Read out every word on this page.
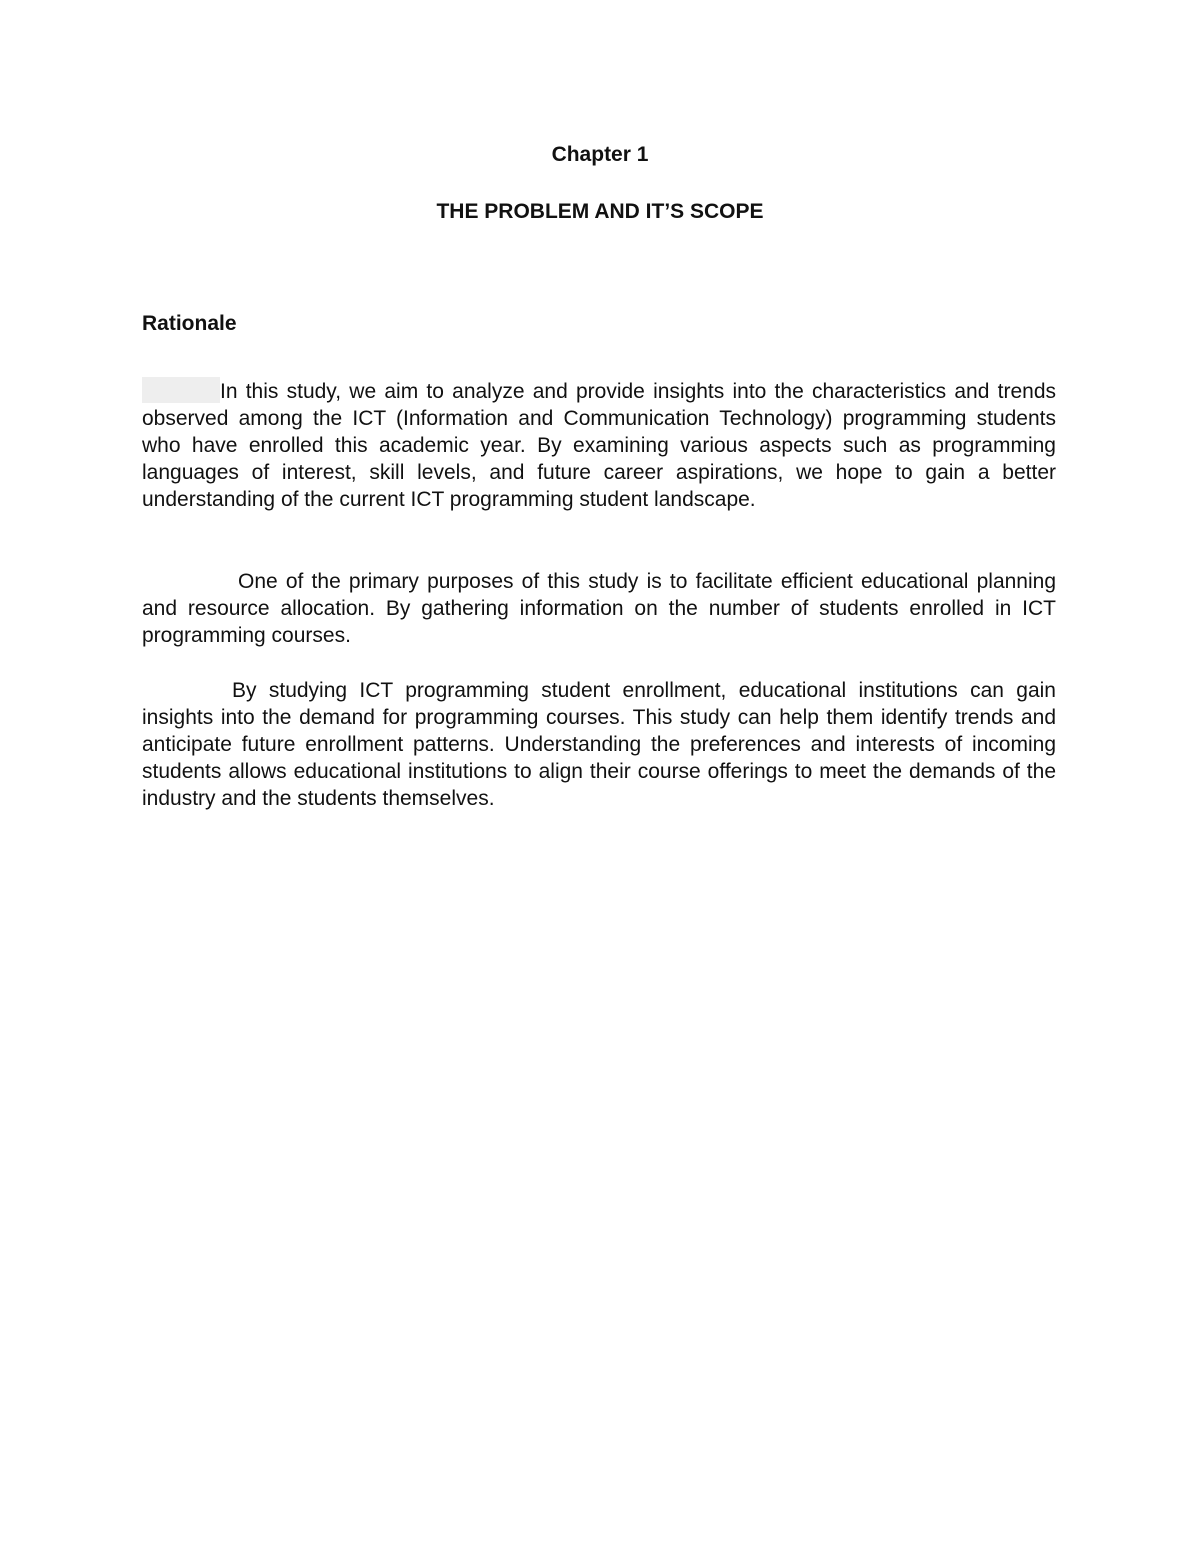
Chapter 1
THE PROBLEM AND IT’S SCOPE
Rationale

In this study, we aim to analyze and provide insights into the characteristics and trends observed among the ICT (Information and Communication Technology) programming students who have enrolled this academic year. By examining various aspects such as programming languages of interest, skill levels, and future career aspirations, we hope to gain a better understanding of the current ICT programming student landscape.

One of the primary purposes of this study is to facilitate efficient educational planning and resource allocation. By gathering information on the number of students enrolled in ICT programming courses.

By studying ICT programming student enrollment, educational institutions can gain insights into the demand for programming courses. This study can help them identify trends and anticipate future enrollment patterns. Understanding the preferences and interests of incoming students allows educational institutions to align their course offerings to meet the demands of the industry and the students themselves.
